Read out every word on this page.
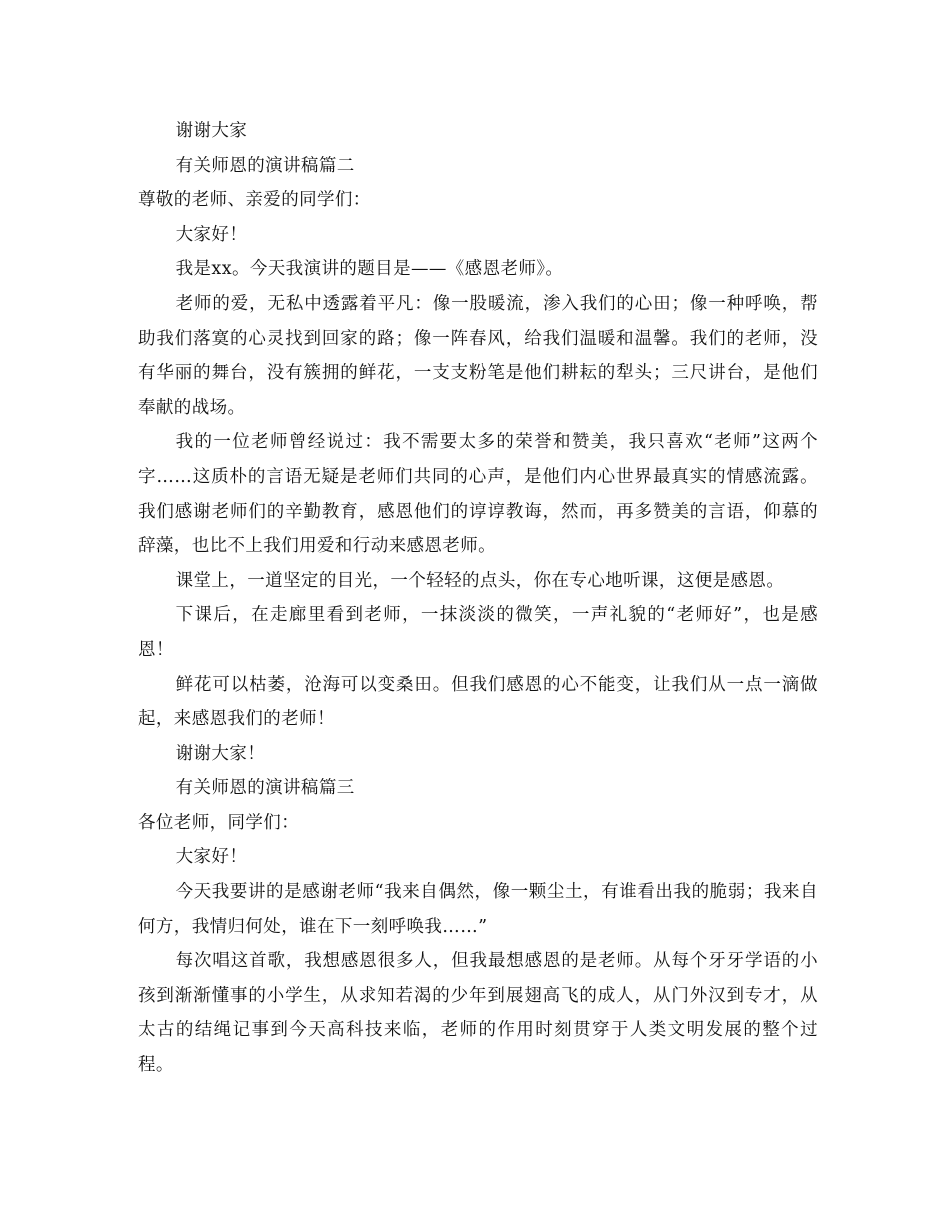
谢谢大家

有关师恩的演讲稿篇二

尊敬的老师、亲爱的同学们：

大家好！

我是xx。今天我演讲的题目是——《感恩老师》。

老师的爱，无私中透露着平凡：像一股暖流，渗入我们的心田；像一种呼唤，帮助我们落寞的心灵找到回家的路；像一阵春风，给我们温暖和温馨。我们的老师，没有华丽的舞台，没有簇拥的鲜花，一支支粉笔是他们耕耘的犁头；三尺讲台，是他们奉献的战场。

我的一位老师曾经说过：我不需要太多的荣誉和赞美，我只喜欢“老师”这两个字……这质朴的言语无疑是老师们共同的心声，是他们内心世界最真实的情感流露。我们感谢老师们的辛勤教育，感恩他们的谆谆教诲，然而，再多赞美的言语，仰慕的辞藻，也比不上我们用爱和行动来感恩老师。

课堂上，一道坚定的目光，一个轻轻的点头，你在专心地听课，这便是感恩。

下课后，在走廊里看到老师，一抹淡淡的微笑，一声礼貌的“老师好”，也是感恩！

鲜花可以枯萎，沧海可以变桑田。但我们感恩的心不能变，让我们从一点一滴做起，来感恩我们的老师！

谢谢大家！

有关师恩的演讲稿篇三

各位老师，同学们：

大家好！

今天我要讲的是感谢老师“我来自偶然，像一颗尘土，有谁看出我的脆弱；我来自何方，我情归何处，谁在下一刻呼唤我……”

每次唱这首歌，我想感恩很多人，但我最想感恩的是老师。从每个牙牙学语的小孩到渐渐懂事的小学生，从求知若渴的少年到展翅高飞的成人，从门外汉到专才，从太古的结绳记事到今天高科技来临，老师的作用时刻贯穿于人类文明发展的整个过程。
